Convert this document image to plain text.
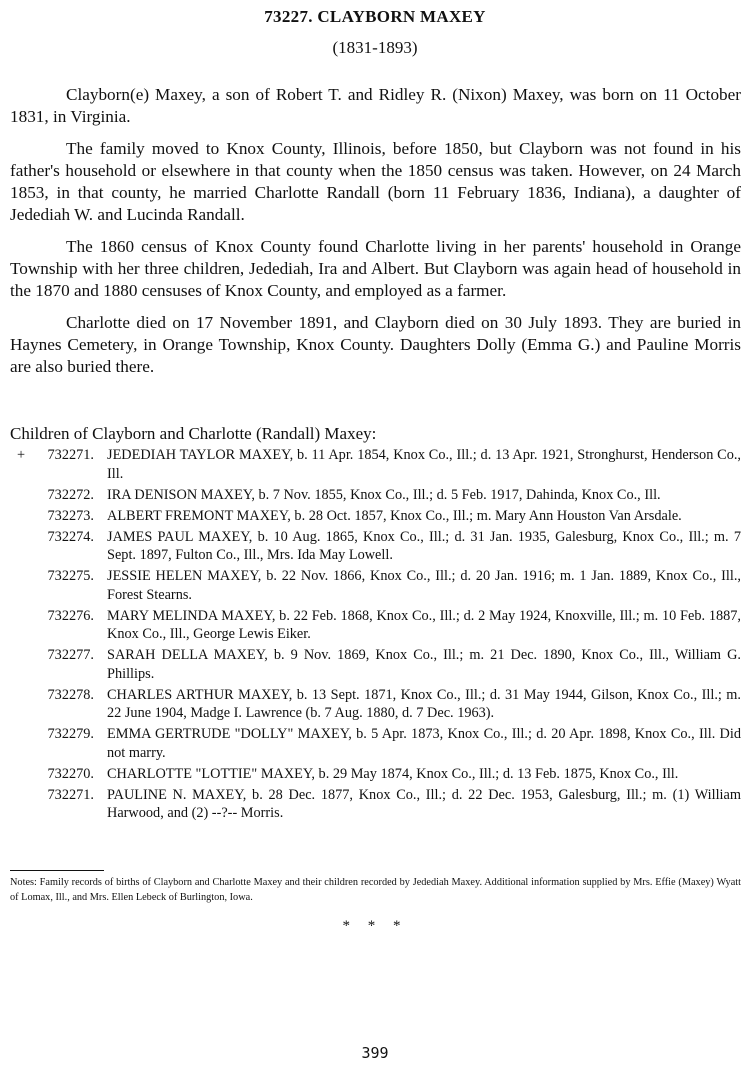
73227. CLAYBORN MAXEY
(1831-1893)

Clayborn(e) Maxey, a son of Robert T. and Ridley R. (Nixon) Maxey, was born on 11 October 1831, in Virginia.

The family moved to Knox County, Illinois, before 1850, but Clayborn was not found in his father's household or elsewhere in that county when the 1850 census was taken. However, on 24 March 1853, in that county, he married Charlotte Randall (born 11 February 1836, Indiana), a daughter of Jedediah W. and Lucinda Randall.

The 1860 census of Knox County found Charlotte living in her parents' household in Orange Township with her three children, Jedediah, Ira and Albert. But Clayborn was again head of household in the 1870 and 1880 censuses of Knox County, and employed as a farmer.

Charlotte died on 17 November 1891, and Clayborn died on 30 July 1893. They are buried in Haynes Cemetery, in Orange Township, Knox County. Daughters Dolly (Emma G.) and Pauline Morris are also buried there.

Children of Clayborn and Charlotte (Randall) Maxey:
+	732271. JEDEDIAH TAYLOR MAXEY, b. 11 Apr. 1854, Knox Co., Ill.; d. 13 Apr. 1921, Stronghurst, Henderson Co., Ill.
732272. IRA DENISON MAXEY, b. 7 Nov. 1855, Knox Co., Ill.; d. 5 Feb. 1917, Dahinda, Knox Co., Ill.
732273. ALBERT FREMONT MAXEY, b. 28 Oct. 1857, Knox Co., Ill.; m. Mary Ann Houston Van Arsdale.
732274. JAMES PAUL MAXEY, b. 10 Aug. 1865, Knox Co., Ill.; d. 31 Jan. 1935, Galesburg, Knox Co., Ill.; m. 7 Sept. 1897, Fulton Co., Ill., Mrs. Ida May Lowell.
732275. JESSIE HELEN MAXEY, b. 22 Nov. 1866, Knox Co., Ill.; d. 20 Jan. 1916; m. 1 Jan. 1889, Knox Co., Ill., Forest Stearns.
732276. MARY MELINDA MAXEY, b. 22 Feb. 1868, Knox Co., Ill.; d. 2 May 1924, Knoxville, Ill.; m. 10 Feb. 1887, Knox Co., Ill., George Lewis Eiker.
732277. SARAH DELLA MAXEY, b. 9 Nov. 1869, Knox Co., Ill.; m. 21 Dec. 1890, Knox Co., Ill., William G. Phillips.
732278. CHARLES ARTHUR MAXEY, b. 13 Sept. 1871, Knox Co., Ill.; d. 31 May 1944, Gilson, Knox Co., Ill.; m. 22 June 1904, Madge I. Lawrence (b. 7 Aug. 1880, d. 7 Dec. 1963).
732279. EMMA GERTRUDE "DOLLY" MAXEY, b. 5 Apr. 1873, Knox Co., Ill.; d. 20 Apr. 1898, Knox Co., Ill. Did not marry.
732270. CHARLOTTE "LOTTIE" MAXEY, b. 29 May 1874, Knox Co., Ill.; d. 13 Feb. 1875, Knox Co., Ill.
732271. PAULINE N. MAXEY, b. 28 Dec. 1877, Knox Co., Ill.; d. 22 Dec. 1953, Galesburg, Ill.; m. (1) William Harwood, and (2) --?-- Morris.
Notes: Family records of births of Clayborn and Charlotte Maxey and their children recorded by Jedediah Maxey. Additional information supplied by Mrs. Effie (Maxey) Wyatt of Lomax, Ill., and Mrs. Ellen Lebeck of Burlington, Iowa.
* * *
399
